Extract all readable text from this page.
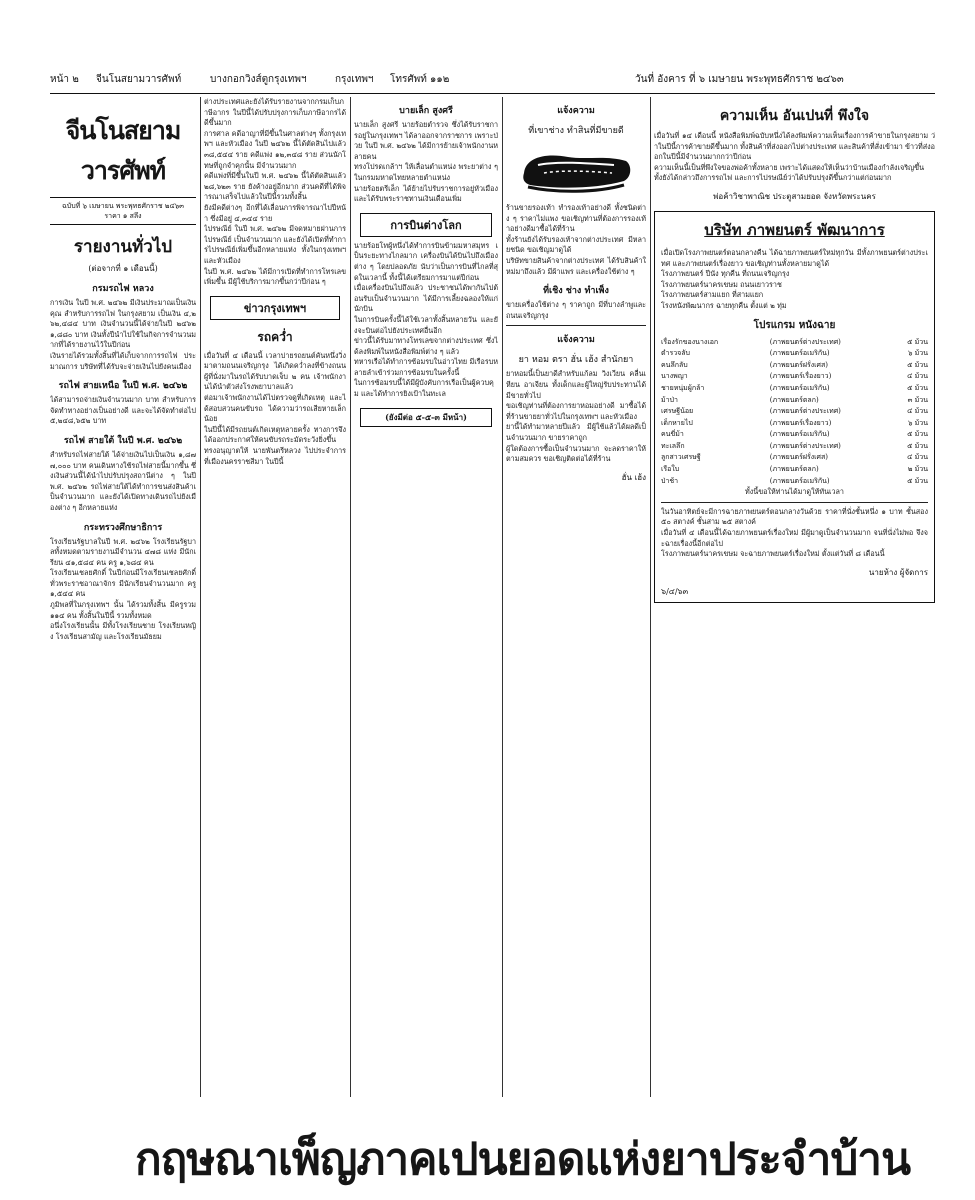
หน้า ๒ จีนโนสยามวารศัพท์	บางกอกวิงส์ตูกรุงเทพฯ	กรุงเทพฯ โทรศัพท์ ๑๑๒	วันที่ อังคาร ที่ ๖ เมษายน พระพุทธศักราช ๒๔๖๓
จีนโนสยามวารศัพท์
ฉบับที่ ๖ เมษายน พระพุทธศักราช ๒๔๖๓
ราคา ๑ สลึง
รายงานทั่วไป
(ต่อจากที่ ๑ เดือนนี้)
กรมรถไฟ หลวง
การเงิน ในปี พ.ศ. ๒๔๖๒ มีเงินประมาณเป็นเงินคุณ สำหรับการรถไฟ ในกรุงสยาม เป็นเงิน ๔,๒๖๒,๔๘๔ บาท เงินจำนวนนี้ได้จ่ายในปี ๒๔๖๒ ๑,๘๘๐ บาท เงินทั้งปีนำไปใช้ในกิจการจำนวนมากที่ได้รายงานไว้ในปีก่อน
เงินรายได้รวมทั้งสิ้นที่ได้เก็บจากการรถไฟ ประมาณการ บริษัทที่ได้รับจะจ่ายเงินไปยังคนเมือง
รถไฟ สายเหนือ ในปี พ.ศ. ๒๔๖๒
ได้สามารถจ่ายเงินจำนวนมาก บาท สำหรับการจัดทำทางอย่างเป็นอย่างดี และจะได้จัดทำต่อไป ๕,๒๔๘,๖๕๒ บาท
รถไฟ สายใต้ ในปี พ.ศ. ๒๔๖๒
สำหรับรถไฟสายใต้ ได้จ่ายเงินไปเป็นเงิน ๑,๘๗๗,๐๐๐ บาท คนเดินทางใช้รถไฟสายนี้มากขึ้น ซึ่งเงินส่วนนี้ได้นำไปปรับปรุงสถานีต่าง ๆ ในปี พ.ศ. ๒๔๖๒ รถไฟสายใต้ได้ทำการขนส่งสินค้าเป็นจำนวนมาก และยังได้เปิดทางเดินรถไปยังเมืองต่าง ๆ อีกหลายแห่ง
กระทรวงศึกษาธิการ
โรงเรียนรัฐบาลในปี พ.ศ. ๒๔๖๒ โรงเรียนรัฐบาลทั้งหมดตามรายงานมีจำนวน ๔๗๘ แห่ง มีนักเรียน ๔๑,๕๘๔ คน ครู ๑,๖๘๔ คน
โรงเรียนเชลยศักดิ์ ในปีก่อนมีโรงเรียนเชลยศักดิ์ทั่วพระราชอาณาจักร มีนักเรียนจำนวนมาก ครู ๑,๕๔๔ คน
ภูมิพลที่ในกรุงเทพฯ นั้น ได้รวมทั้งสิ้น มีครูรวม ๑๑๔ คน ทั้งสิ้นในปีนี้ รวมทั้งหมด
อนึ่งโรงเรียนนั้น มีทั้งโรงเรียนชาย โรงเรียนหญิง โรงเรียนสามัญ และโรงเรียนมัธยม
ต่างประเทศและยังได้รับรายงานจากกรมเก็บภาษีอากร ในปีนี้ได้ปรับปรุงการเก็บภาษีอากรได้ดีขึ้นมาก
การศาล คดีอาญาที่มีขึ้นในศาลต่างๆ ทั้งกรุงเทพฯ และหัวเมือง ในปี ๒๔๖๒ นี้ได้ตัดสินไปแล้ว ๓๘,๕๔๔ ราย คดีแพ่ง ๑๒,๓๔๘ ราย ส่วนนักโทษที่ถูกจำคุกนั้น มีจำนวนมาก
คดีแพ่งที่มีขึ้นในปี พ.ศ. ๒๔๖๒ นี้ได้ตัดสินแล้ว ๒๘,๖๒๓ ราย ยังค้างอยู่อีกมาก ส่วนคดีที่ได้พิจารณาเสร็จไปแล้วในปีนี้รวมทั้งสิ้น
ยังมีคดีต่างๆ อีกที่ได้เลื่อนการพิจารณาไปปีหน้า ซึ่งมีอยู่ ๔,๓๔๔ ราย
ไปรษณีย์ ในปี พ.ศ. ๒๔๖๒ มีจดหมายผ่านการไปรษณีย์ เป็นจำนวนมาก และยังได้เปิดที่ทำการไปรษณีย์เพิ่มขึ้นอีกหลายแห่ง ทั้งในกรุงเทพฯ และหัวเมือง
ในปี พ.ศ. ๒๔๖๒ ได้มีการเปิดที่ทำการโทรเลขเพิ่มขึ้น มีผู้ใช้บริการมากขึ้นกว่าปีก่อน ๆ
ข่าวกรุงเทพฯ
รถคว่ำ
เมื่อวันที่ ๔ เดือนนี้ เวลาบ่ายรถยนต์คันหนึ่งวิ่งมาตามถนนเจริญกรุง ได้เกิดคว่ำลงที่ข้างถนน ผู้ที่นั่งมาในรถได้รับบาดเจ็บ ๒ คน เจ้าพนักงานได้นำตัวส่งโรงพยาบาลแล้ว
ต่อมาเจ้าพนักงานได้ไปตรวจดูที่เกิดเหตุ และได้สอบสวนคนขับรถ ได้ความว่ารถเสียหายเล็กน้อย
ในปีนี้ได้มีรถยนต์เกิดเหตุหลายครั้ง ทางการจึงได้ออกประกาศให้คนขับรถระมัดระวังยิ่งขึ้น
ทรงอนุญาตให้ นายพันตรีหลวง ไปประจำการ ที่เมืองนครราชสีมา ในปีนี้
บายเล็ก สูงศรี
นายเล็ก สูงศรี นายร้อยตำรวจ ซึ่งได้รับราชการอยู่ในกรุงเทพฯ ได้ลาออกจากราชการ เพราะป่วย ในปี พ.ศ. ๒๔๖๒ ได้มีการย้ายเจ้าพนักงานหลายคน
ทรงโปรดเกล้าฯ ให้เลื่อนตำแหน่ง พระยาต่าง ๆ ในกรมมหาดไทยหลายตำแหน่ง
นายร้อยตรีเล็ก ได้ย้ายไปรับราชการอยู่หัวเมือง และได้รับพระราชทานเงินเดือนเพิ่ม
การบินต่างโลก
นายร้อยโทผู้หนึ่งได้ทำการบินข้ามมหาสมุทร เป็นระยะทางไกลมาก เครื่องบินได้บินไปถึงเมืองต่าง ๆ โดยปลอดภัย นับว่าเป็นการบินที่ไกลที่สุดในเวลานี้ ทั้งนี้ได้เตรียมการมาแต่ปีก่อน
เมื่อเครื่องบินไปถึงแล้ว ประชาชนได้พากันไปต้อนรับเป็นจำนวนมาก ได้มีการเลี้ยงฉลองให้แก่นักบิน
ในการบินครั้งนี้ได้ใช้เวลาทั้งสิ้นหลายวัน และยังจะบินต่อไปยังประเทศอื่นอีก
ข่าวนี้ได้รับมาทางโทรเลขจากต่างประเทศ ซึ่งได้ลงพิมพ์ในหนังสือพิมพ์ต่าง ๆ แล้ว
ทหารเรือได้ทำการซ้อมรบในอ่าวไทย มีเรือรบหลายลำเข้าร่วมการซ้อมรบในครั้งนี้
ในการซ้อมรบนี้ได้มีผู้บังคับการเรือเป็นผู้ควบคุม และได้ทำการยิงเป้าในทะเล
(ยังมีต่อ ๕-๕-๓ มีหน้า)
แจ้งความ
ที่เขาช่าง ทำสินที่มีขายดี
ร้านขายรองเท้า ทำรองเท้าอย่างดี ทั้งชนิดต่าง ๆ ราคาไม่แพง ขอเชิญท่านที่ต้องการรองเท้าอย่างดีมาซื้อได้ที่ร้าน
ทั้งร้านยังได้รับรองเท้าจากต่างประเทศ มีหลายชนิด ขอเชิญมาดูได้
บริษัทขายสินค้าจากต่างประเทศ ได้รับสินค้าใหม่มาถึงแล้ว มีผ้าแพร และเครื่องใช้ต่าง ๆ
ที่เชิง ช่าง ทำเพ็ง
ขายเครื่องใช้ต่าง ๆ ราคาถูก มีที่บางลำพูและถนนเจริญกรุง
แจ้งความ
ยา หอม ตรา ฮั่น เฮ้ง สำนักยา
ยาหอมนี้เป็นยาดีสำหรับแก้ลม วิงเวียน คลื่นเหียน อาเจียน ทั้งเด็กและผู้ใหญ่รับประทานได้ มีขายทั่วไป
ขอเชิญท่านที่ต้องการยาหอมอย่างดี มาซื้อได้ที่ร้านขายยาทั่วไปในกรุงเทพฯ และหัวเมือง
ยานี้ได้ทำมาหลายปีแล้ว มีผู้ใช้แล้วได้ผลดีเป็นจำนวนมาก ขายราคาถูก
ผู้ใดต้องการซื้อเป็นจำนวนมาก จะลดราคาให้ตามสมควร ขอเชิญติดต่อได้ที่ร้าน
ฮั่น เฮ้ง
ความเห็น อันเปนที่ พึงใจ
เมื่อวันที่ ๑๔ เดือนนี้ หนังสือพิมพ์ฉบับหนึ่งได้ลงพิมพ์ความเห็นเรื่องการค้าขายในกรุงสยาม ว่าในปีนี้การค้าขายดีขึ้นมาก ทั้งสินค้าที่ส่งออกไปต่างประเทศ และสินค้าที่สั่งเข้ามา ข้าวที่ส่งออกในปีนี้มีจำนวนมากกว่าปีก่อน
ความเห็นนี้เป็นที่พึงใจของพ่อค้าทั้งหลาย เพราะได้แสดงให้เห็นว่าบ้านเมืองกำลังเจริญขึ้น
ทั้งยังได้กล่าวถึงการรถไฟ และการไปรษณีย์ว่าได้ปรับปรุงดีขึ้นกว่าแต่ก่อนมาก
พ่อค้าวิชาพาณิช ประตูสามยอด จังหวัดพระนคร
บริษัท ภาพยนตร์ พัฒนาการ
เมื่อเปิดโรงภาพยนตร์ตอนกลางคืน ได้ฉายภาพยนตร์ใหม่ทุกวัน มีทั้งภาพยนตร์ต่างประเทศ และภาพยนตร์เรื่องยาว ขอเชิญท่านทั้งหลายมาดูได้
โรงภาพยนตร์ ปีนัง ทุกคืน ที่ถนนเจริญกรุง
โรงภาพยนตร์นาครเขษม ถนนเยาวราช
โรงภาพยนตร์สามแยก ที่สามแยก
โรงหนังพัฒนากร ฉายทุกคืน ตั้งแต่ ๒ ทุ่ม
โปรแกรม หนังฉาย
เรื่องรักของนางเอก	(ภาพยนตร์ต่างประเทศ)	๕ ม้วน
ตำรวจลับ	(ภาพยนตร์อเมริกัน)	๖ ม้วน
คนลึกลับ	(ภาพยนตร์ฝรั่งเศส)	๕ ม้วน
นางพญา	(ภาพยนตร์เรื่องยาว)	๔ ม้วน
ชายหนุ่มผู้กล้า	(ภาพยนตร์อเมริกัน)	๕ ม้วน
ม้าป่า	(ภาพยนตร์ตลก)	๓ ม้วน
เศรษฐีน้อย	(ภาพยนตร์ต่างประเทศ)	๔ ม้วน
เด็กหายไป	(ภาพยนตร์เรื่องยาว)	๖ ม้วน
คนขี่ม้า	(ภาพยนตร์อเมริกัน)	๕ ม้วน
ทะเลลึก	(ภาพยนตร์ต่างประเทศ)	๕ ม้วน
ลูกสาวเศรษฐี	(ภาพยนตร์ฝรั่งเศส)	๔ ม้วน
เรือใบ	(ภาพยนตร์ตลก)	๒ ม้วน
ป่าช้า	(ภาพยนตร์อเมริกัน)	๕ ม้วน
ทั้งนี้ขอให้ท่านได้มาดูให้ทันเวลา
ในวันอาทิตย์จะมีการฉายภาพยนตร์ตอนกลางวันด้วย ราคาที่นั่งชั้นหนึ่ง ๑ บาท ชั้นสอง ๕๐ สตางค์ ชั้นสาม ๒๕ สตางค์
เมื่อวันที่ ๔ เดือนนี้ได้ฉายภาพยนตร์เรื่องใหม่ มีผู้มาดูเป็นจำนวนมาก จนที่นั่งไม่พอ จึงจะฉายเรื่องนี้อีกต่อไป
โรงภาพยนตร์นาครเขษม จะฉายภาพยนตร์เรื่องใหม่ ตั้งแต่วันที่ ๘ เดือนนี้
นายห้าง ผู้จัดการ
๖/๔/๖๓
กฤษณาเพ็ญภาคเปนยอดแห่งยาประจำบ้าน
